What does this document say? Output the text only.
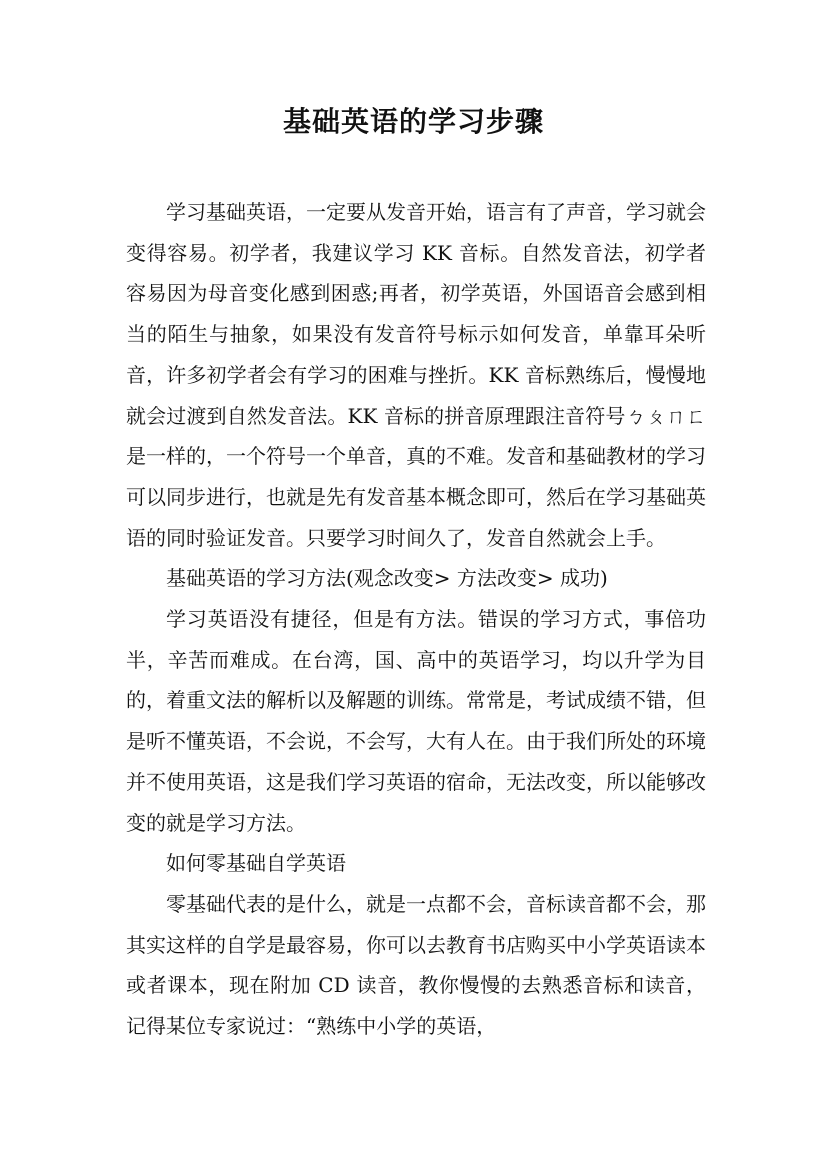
基础英语的学习步骤

学习基础英语，一定要从发音开始，语言有了声音，学习就会变得容易。初学者，我建议学习 KK 音标。自然发音法，初学者容易因为母音变化感到困惑;再者，初学英语，外国语音会感到相当的陌生与抽象，如果没有发音符号标示如何发音，单靠耳朵听音，许多初学者会有学习的困难与挫折。KK 音标熟练后，慢慢地就会过渡到自然发音法。KK 音标的拼音原理跟注音符号ㄅㄆㄇㄈ是一样的，一个符号一个单音，真的不难。发音和基础教材的学习可以同步进行，也就是先有发音基本概念即可，然后在学习基础英语的同时验证发音。只要学习时间久了，发音自然就会上手。

基础英语的学习方法(观念改变> 方法改变> 成功)

学习英语没有捷径，但是有方法。错误的学习方式，事倍功半，辛苦而难成。在台湾，国、高中的英语学习，均以升学为目的，着重文法的解析以及解题的训练。常常是，考试成绩不错，但是听不懂英语，不会说，不会写，大有人在。由于我们所处的环境并不使用英语，这是我们学习英语的宿命，无法改变，所以能够改变的就是学习方法。

如何零基础自学英语

零基础代表的是什么，就是一点都不会，音标读音都不会，那其实这样的自学是最容易，你可以去教育书店购买中小学英语读本或者课本，现在附加 CD 读音，教你慢慢的去熟悉音标和读音，记得某位专家说过：“熟练中小学的英语，
